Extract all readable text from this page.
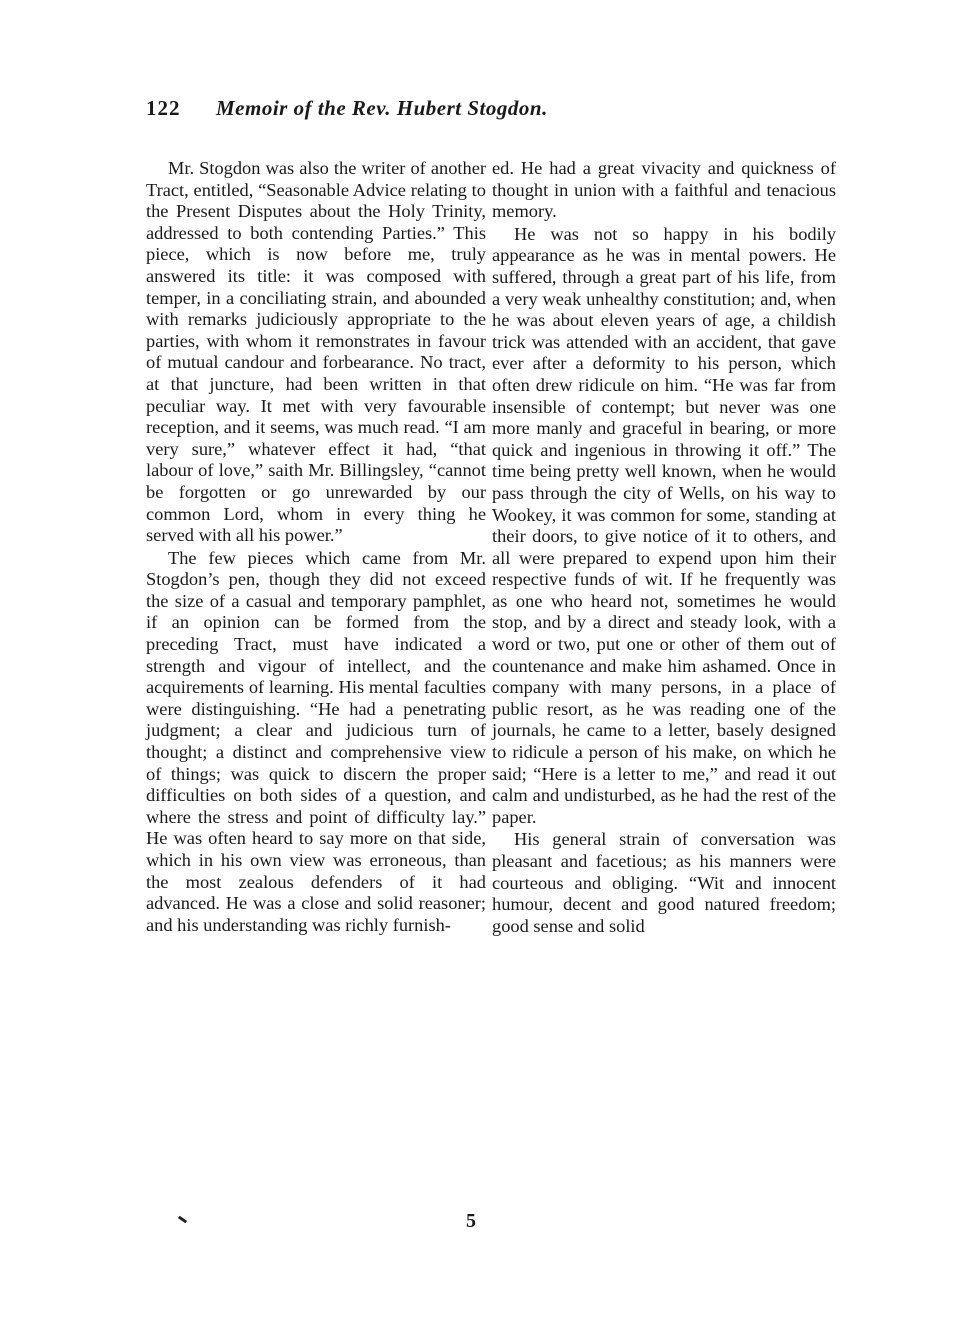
122 Memoir of the Rev. Hubert Stogdon.

Mr. Stogdon was also the writer of another Tract, entitled, “Seasonable Advice relating to the Present Disputes about the Holy Trinity, addressed to both contending Parties.” This piece, which is now before me, truly answered its title: it was composed with temper, in a conciliating strain, and abounded with remarks judiciously appropriate to the parties, with whom it remonstrates in favour of mutual candour and forbearance. No tract, at that juncture, had been written in that peculiar way. It met with very favourable reception, and it seems, was much read. “I am very sure,” whatever effect it had, “that labour of love,” saith Mr. Billingsley, “cannot be forgotten or go unrewarded by our common Lord, whom in every thing he served with all his power.”

The few pieces which came from Mr. Stogdon’s pen, though they did not exceed the size of a casual and temporary pamphlet, if an opinion can be formed from the preceding Tract, must have indicated a strength and vigour of intellect, and the acquirements of learning. His mental faculties were distinguishing. “He had a penetrating judgment; a clear and judicious turn of thought; a distinct and comprehensive view of things; was quick to discern the proper difficulties on both sides of a question, and where the stress and point of difficulty lay.” He was often heard to say more on that side, which in his own view was erroneous, than the most zealous defenders of it had advanced. He was a close and solid reasoner; and his understanding was richly furnish-

ed. He had a great vivacity and quickness of thought in union with a faithful and tenacious memory.

He was not so happy in his bodily appearance as he was in mental powers. He suffered, through a great part of his life, from a very weak unhealthy constitution; and, when he was about eleven years of age, a childish trick was attended with an accident, that gave ever after a deformity to his person, which often drew ridicule on him. “He was far from insensible of contempt; but never was one more manly and graceful in bearing, or more quick and ingenious in throwing it off.” The time being pretty well known, when he would pass through the city of Wells, on his way to Wookey, it was common for some, standing at their doors, to give notice of it to others, and all were prepared to expend upon him their respective funds of wit. If he frequently was as one who heard not, sometimes he would stop, and by a direct and steady look, with a word or two, put one or other of them out of countenance and make him ashamed. Once in company with many persons, in a place of public resort, as he was reading one of the journals, he came to a letter, basely designed to ridicule a person of his make, on which he said; “Here is a letter to me,” and read it out calm and undisturbed, as he had the rest of the paper.

His general strain of conversation was pleasant and facetious; as his manners were courteous and obliging. “Wit and innocent humour, decent and good natured freedom; good sense and solid

5
